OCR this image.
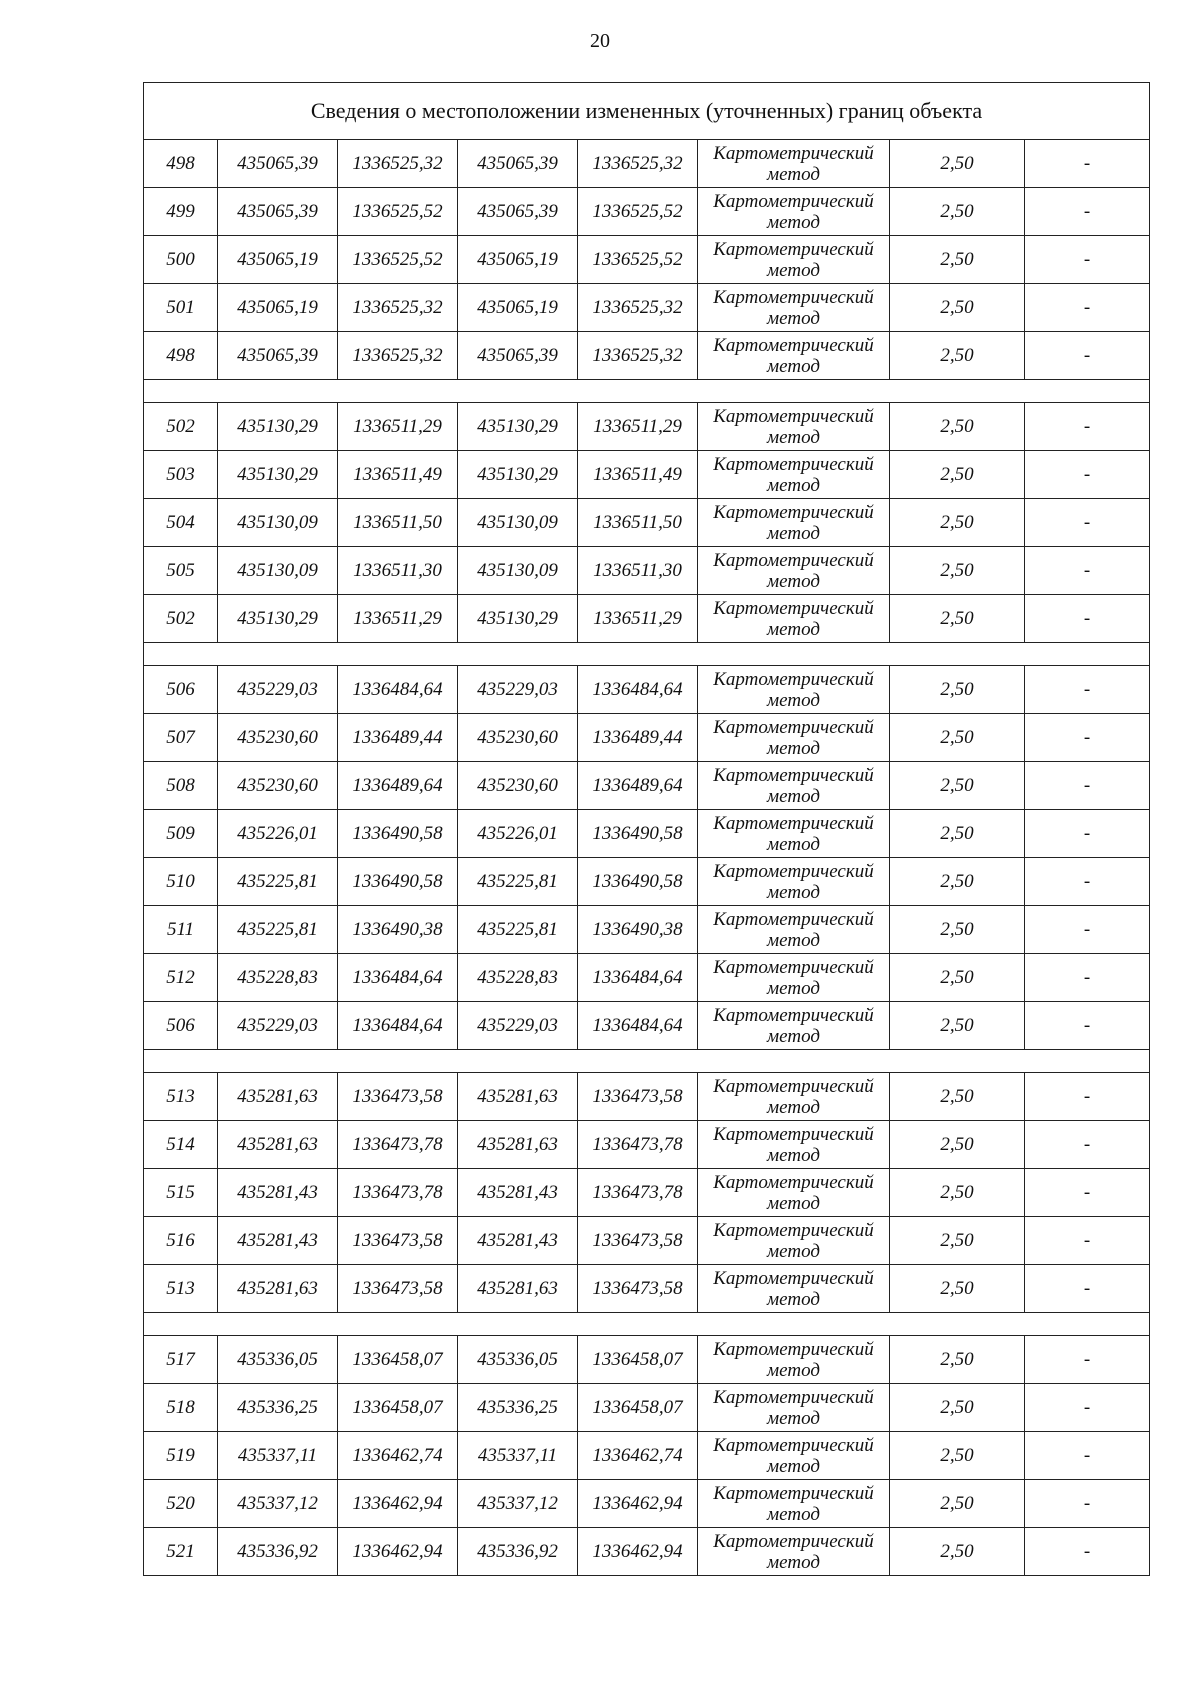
20
Сведения о местоположении измененных (уточненных) границ объекта							
498	435065,39	1336525,32	435065,39	1336525,32	Картометрический
метод	2,50	-
499	435065,39	1336525,52	435065,39	1336525,52	Картометрический
метод	2,50	-
500	435065,19	1336525,52	435065,19	1336525,52	Картометрический
метод	2,50	-
501	435065,19	1336525,32	435065,19	1336525,32	Картометрический
метод	2,50	-
498	435065,39	1336525,32	435065,39	1336525,32	Картометрический
метод	2,50	-

502	435130,29	1336511,29	435130,29	1336511,29	Картометрический
метод	2,50	-
503	435130,29	1336511,49	435130,29	1336511,49	Картометрический
метод	2,50	-
504	435130,09	1336511,50	435130,09	1336511,50	Картометрический
метод	2,50	-
505	435130,09	1336511,30	435130,09	1336511,30	Картометрический
метод	2,50	-
502	435130,29	1336511,29	435130,29	1336511,29	Картометрический
метод	2,50	-

506	435229,03	1336484,64	435229,03	1336484,64	Картометрический
метод	2,50	-
507	435230,60	1336489,44	435230,60	1336489,44	Картометрический
метод	2,50	-
508	435230,60	1336489,64	435230,60	1336489,64	Картометрический
метод	2,50	-
509	435226,01	1336490,58	435226,01	1336490,58	Картометрический
метод	2,50	-
510	435225,81	1336490,58	435225,81	1336490,58	Картометрический
метод	2,50	-
511	435225,81	1336490,38	435225,81	1336490,38	Картометрический
метод	2,50	-
512	435228,83	1336484,64	435228,83	1336484,64	Картометрический
метод	2,50	-
506	435229,03	1336484,64	435229,03	1336484,64	Картометрический
метод	2,50	-

513	435281,63	1336473,58	435281,63	1336473,58	Картометрический
метод	2,50	-
514	435281,63	1336473,78	435281,63	1336473,78	Картометрический
метод	2,50	-
515	435281,43	1336473,78	435281,43	1336473,78	Картометрический
метод	2,50	-
516	435281,43	1336473,58	435281,43	1336473,58	Картометрический
метод	2,50	-
513	435281,63	1336473,58	435281,63	1336473,58	Картометрический
метод	2,50	-

517	435336,05	1336458,07	435336,05	1336458,07	Картометрический
метод	2,50	-
518	435336,25	1336458,07	435336,25	1336458,07	Картометрический
метод	2,50	-
519	435337,11	1336462,74	435337,11	1336462,74	Картометрический
метод	2,50	-
520	435337,12	1336462,94	435337,12	1336462,94	Картометрический
метод	2,50	-
521	435336,92	1336462,94	435336,92	1336462,94	Картометрический
метод	2,50	-
